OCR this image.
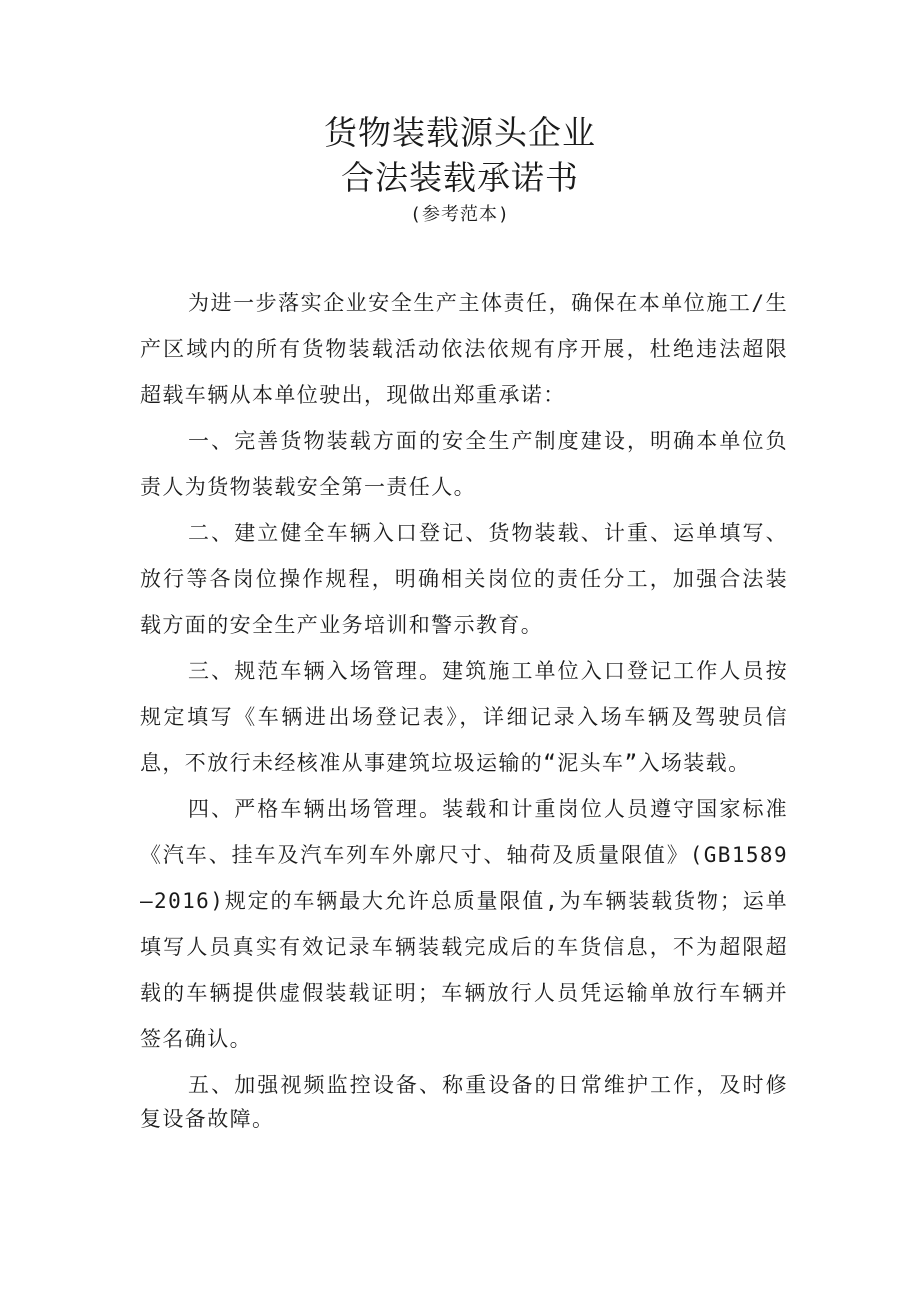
货物装载源头企业
合法装载承诺书
(参考范本)

为进一步落实企业安全生产主体责任，确保在本单位施工/生产区域内的所有货物装载活动依法依规有序开展，杜绝违法超限超载车辆从本单位驶出，现做出郑重承诺：

一、完善货物装载方面的安全生产制度建设，明确本单位负责人为货物装载安全第一责任人。

二、建立健全车辆入口登记、货物装载、计重、运单填写、放行等各岗位操作规程，明确相关岗位的责任分工，加强合法装载方面的安全生产业务培训和警示教育。

三、规范车辆入场管理。建筑施工单位入口登记工作人员按规定填写《车辆进出场登记表》，详细记录入场车辆及驾驶员信息，不放行未经核准从事建筑垃圾运输的“泥头车”入场装载。

四、严格车辆出场管理。装载和计重岗位人员遵守国家标准《汽车、挂车及汽车列车外廓尺寸、轴荷及质量限值》(GB1589—2016)规定的车辆最大允许总质量限值,为车辆装载货物；运单填写人员真实有效记录车辆装载完成后的车货信息，不为超限超载的车辆提供虚假装载证明；车辆放行人员凭运输单放行车辆并签名确认。

五、加强视频监控设备、称重设备的日常维护工作，及时修复设备故障。
